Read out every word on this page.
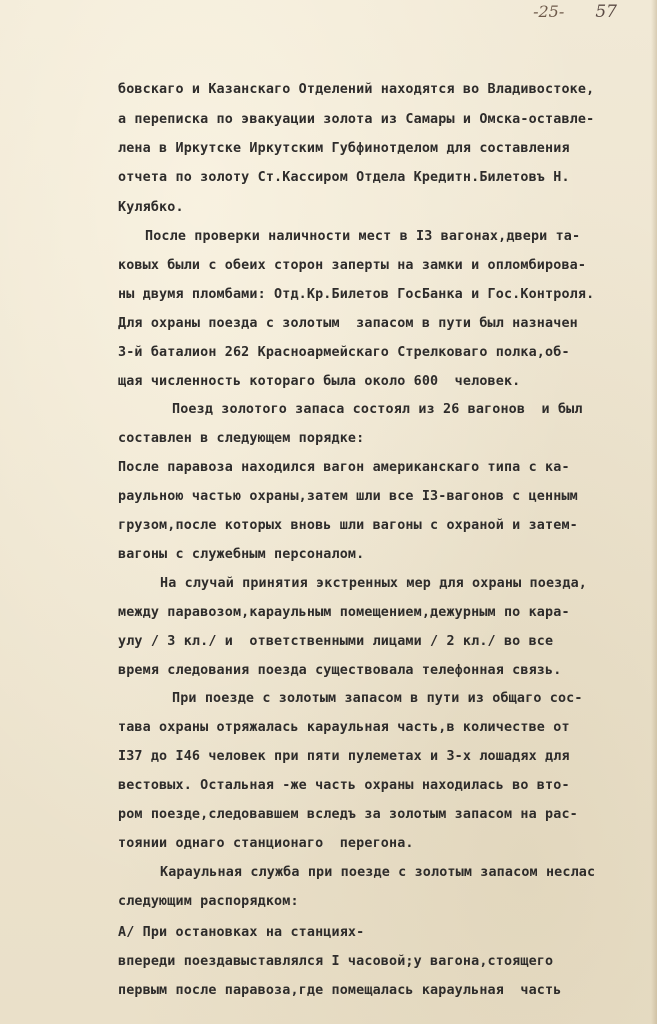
-25- 57
бовскаго и Казанскаго Отделений находятся во Владивостоке,
а переписка по эвакуации золота из Самары и Омска-оставле-
лена в Иркутске Иркутским Губфинотделом для составления
отчета по золоту Ст.Кассиром Отдела Кредитн.Билетовъ Н.
Кулябко.
После проверки наличности мест в I3 вагонах,двери та-
ковых были с обеих сторон заперты на замки и опломбирова-
ны двумя пломбами: Отд.Кр.Билетов ГосБанка и Гос.Контроля.
Для охраны поезда с золотым  запасом в пути был назначен
3-й баталион 262 Красноармейскаго Стрелковаго полка,об-
щая численность котораго была около 600  человек.
Поезд золотого запаса состоял из 26 вагонов  и был
составлен в следующем порядке:
После паравоза находился вагон американскаго типа с ка-
раульною частью охраны,затем шли все I3-вагонов с ценным
грузом,после которых вновь шли вагоны с охраной и затем-
вагоны с служебным персоналом.
На случай принятия экстренных мер для охраны поезда,
между паравозом,караульным помещением,дежурным по кара-
улу / 3 кл./ и  ответственными лицами / 2 кл./ во все
время следования поезда существовала телефонная связь.
При поезде с золотым запасом в пути из общаго сос-
тава охраны отряжалась караульная часть,в количестве от
I37 до I46 человек при пяти пулеметах и 3-х лошадях для
вестовых. Остальная -же часть охраны находилась во вто-
ром поезде,следовавшем вследъ за золотым запасом на рас-
тоянии однаго станционаго  перегона.
Караульная служба при поезде с золотым запасом неслас
следующим распорядком:
А/ При остановках на станциях-
впереди поездавыставлялся I часовой;у вагона,стоящего
первым после паравоза,где помещалась караульная  часть
